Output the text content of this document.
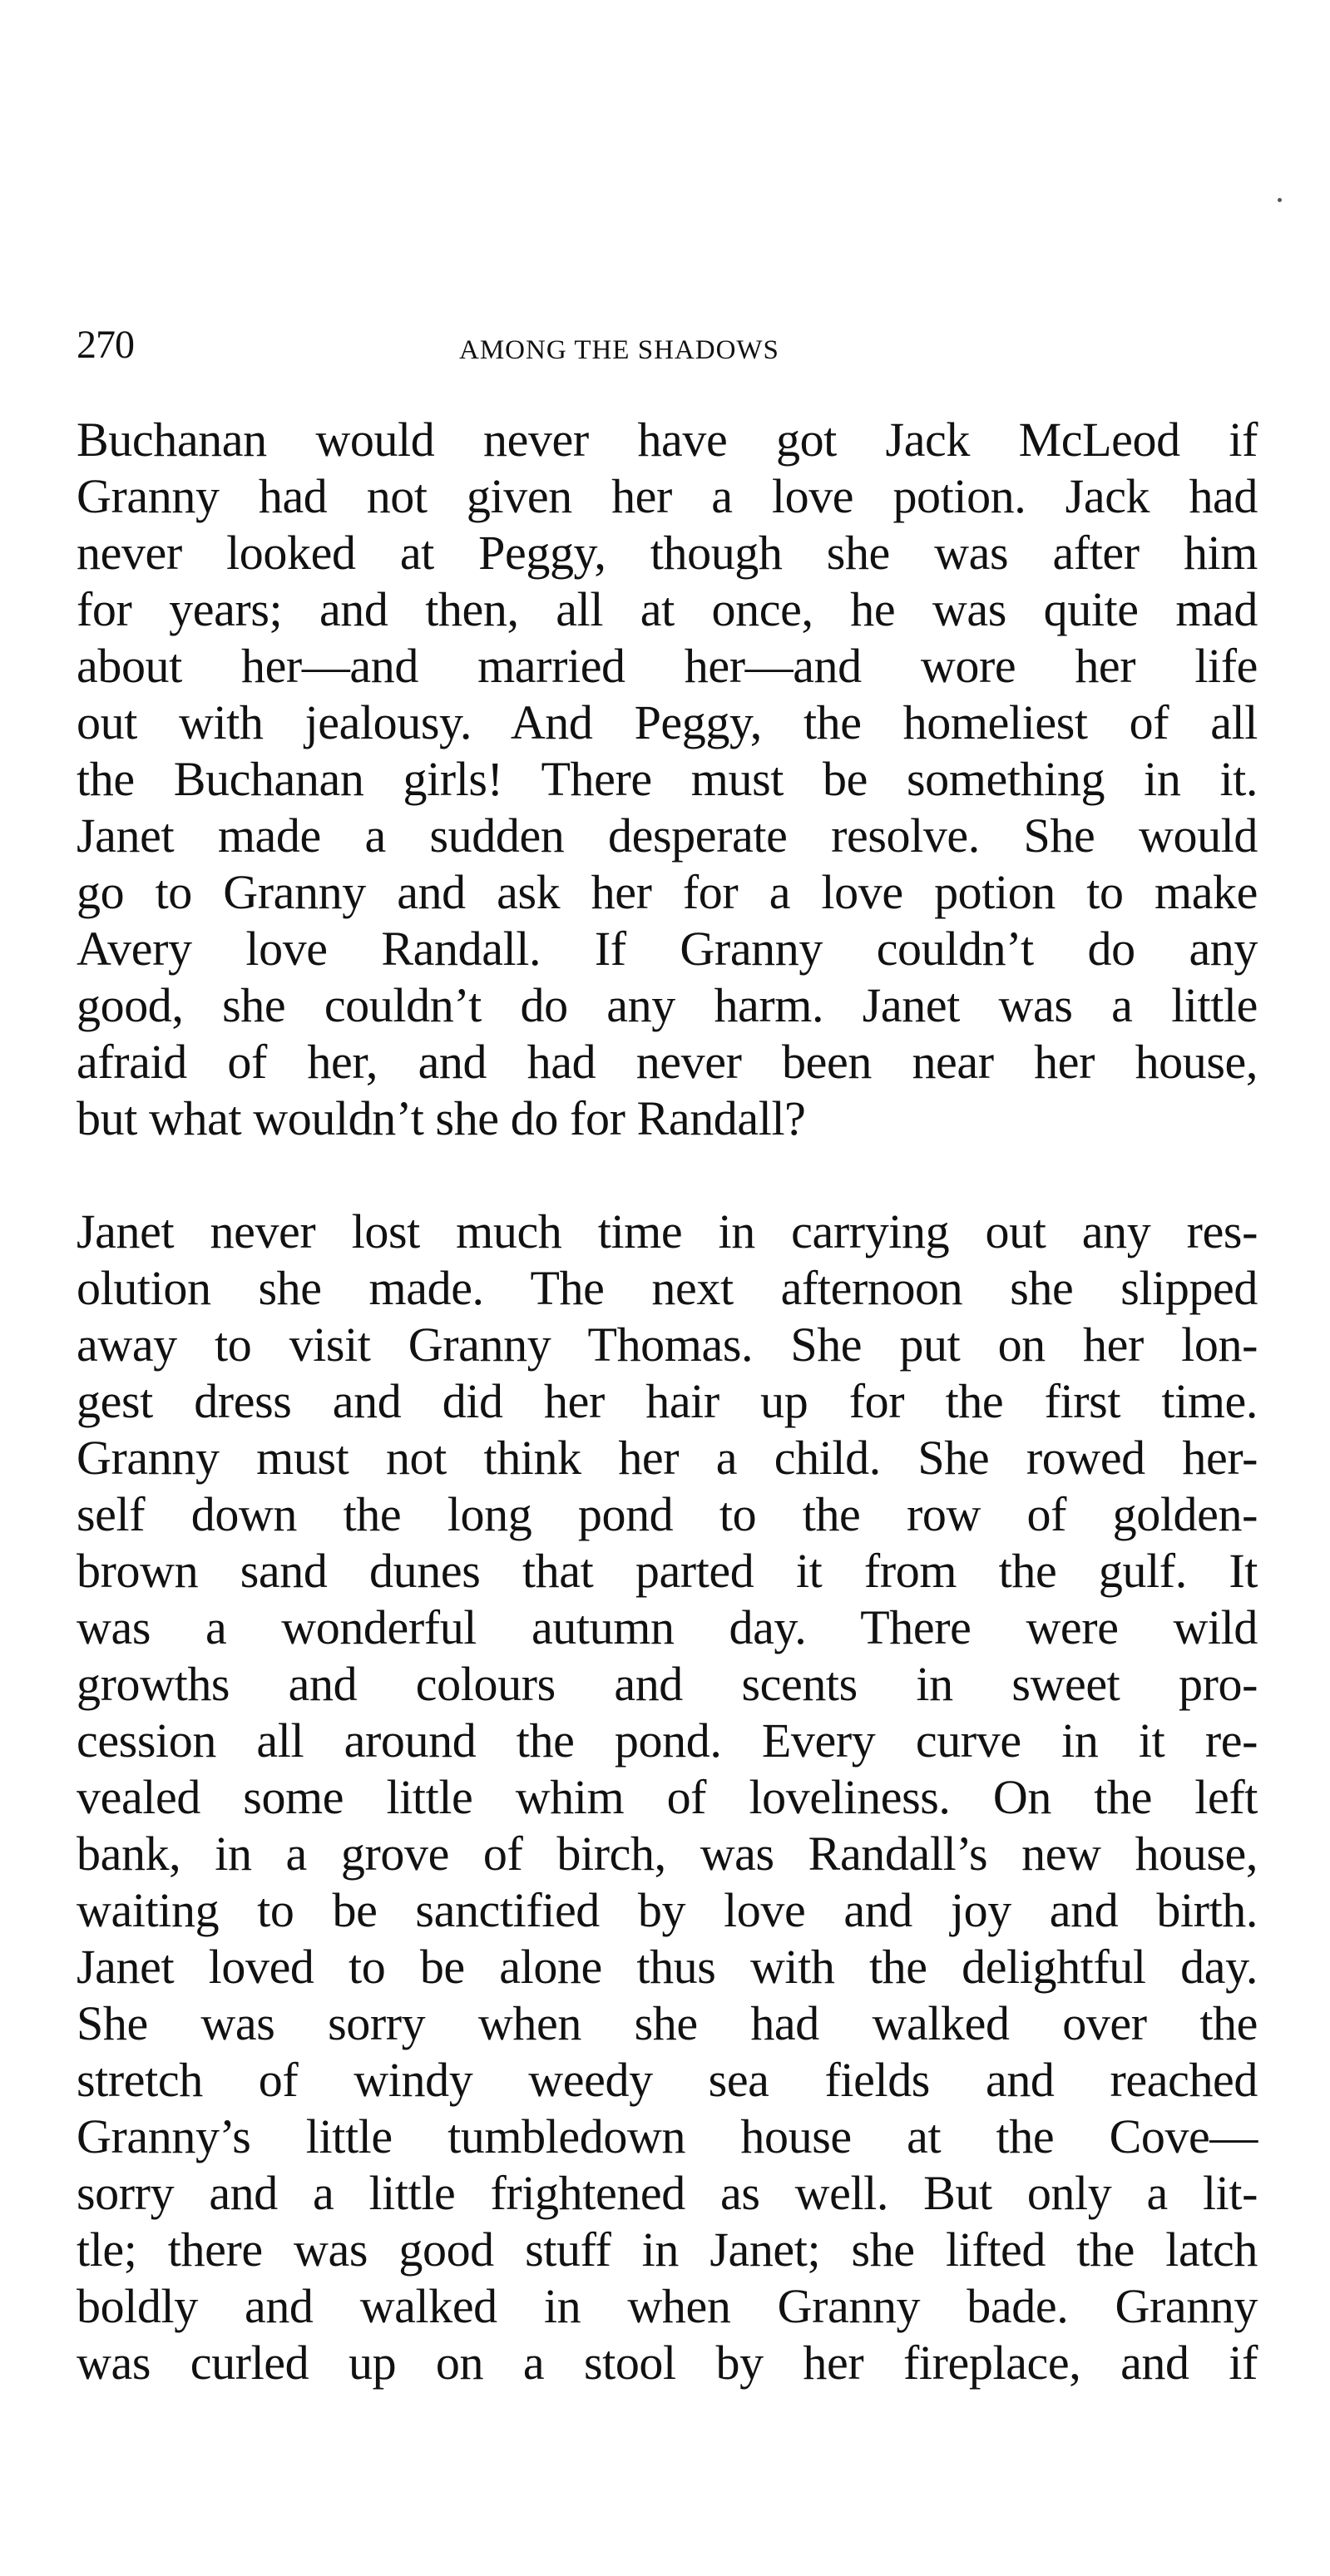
270	AMONG THE SHADOWS
Buchanan would never have got Jack McLeod if
Granny had not given her a love potion. Jack had
never looked at Peggy, though she was after him
for years; and then, all at once, he was quite mad
about her—and married her—and wore her life
out with jealousy. And Peggy, the homeliest of all
the Buchanan girls! There must be something in it.
Janet made a sudden desperate resolve. She would
go to Granny and ask her for a love potion to make
Avery love Randall. If Granny couldn’t do any
good, she couldn’t do any harm. Janet was a little
afraid of her, and had never been near her house,
but what wouldn’t she do for Randall?
Janet never lost much time in carrying out any res-
olution she made. The next afternoon she slipped
away to visit Granny Thomas. She put on her lon-
gest dress and did her hair up for the first time.
Granny must not think her a child. She rowed her-
self down the long pond to the row of golden-
brown sand dunes that parted it from the gulf. It
was a wonderful autumn day. There were wild
growths and colours and scents in sweet pro-
cession all around the pond. Every curve in it re-
vealed some little whim of loveliness. On the left
bank, in a grove of birch, was Randall’s new house,
waiting to be sanctified by love and joy and birth.
Janet loved to be alone thus with the delightful day.
She was sorry when she had walked over the
stretch of windy weedy sea fields and reached
Granny’s little tumbledown house at the Cove—
sorry and a little frightened as well. But only a lit-
tle; there was good stuff in Janet; she lifted the latch
boldly and walked in when Granny bade. Granny
was curled up on a stool by her fireplace, and if
